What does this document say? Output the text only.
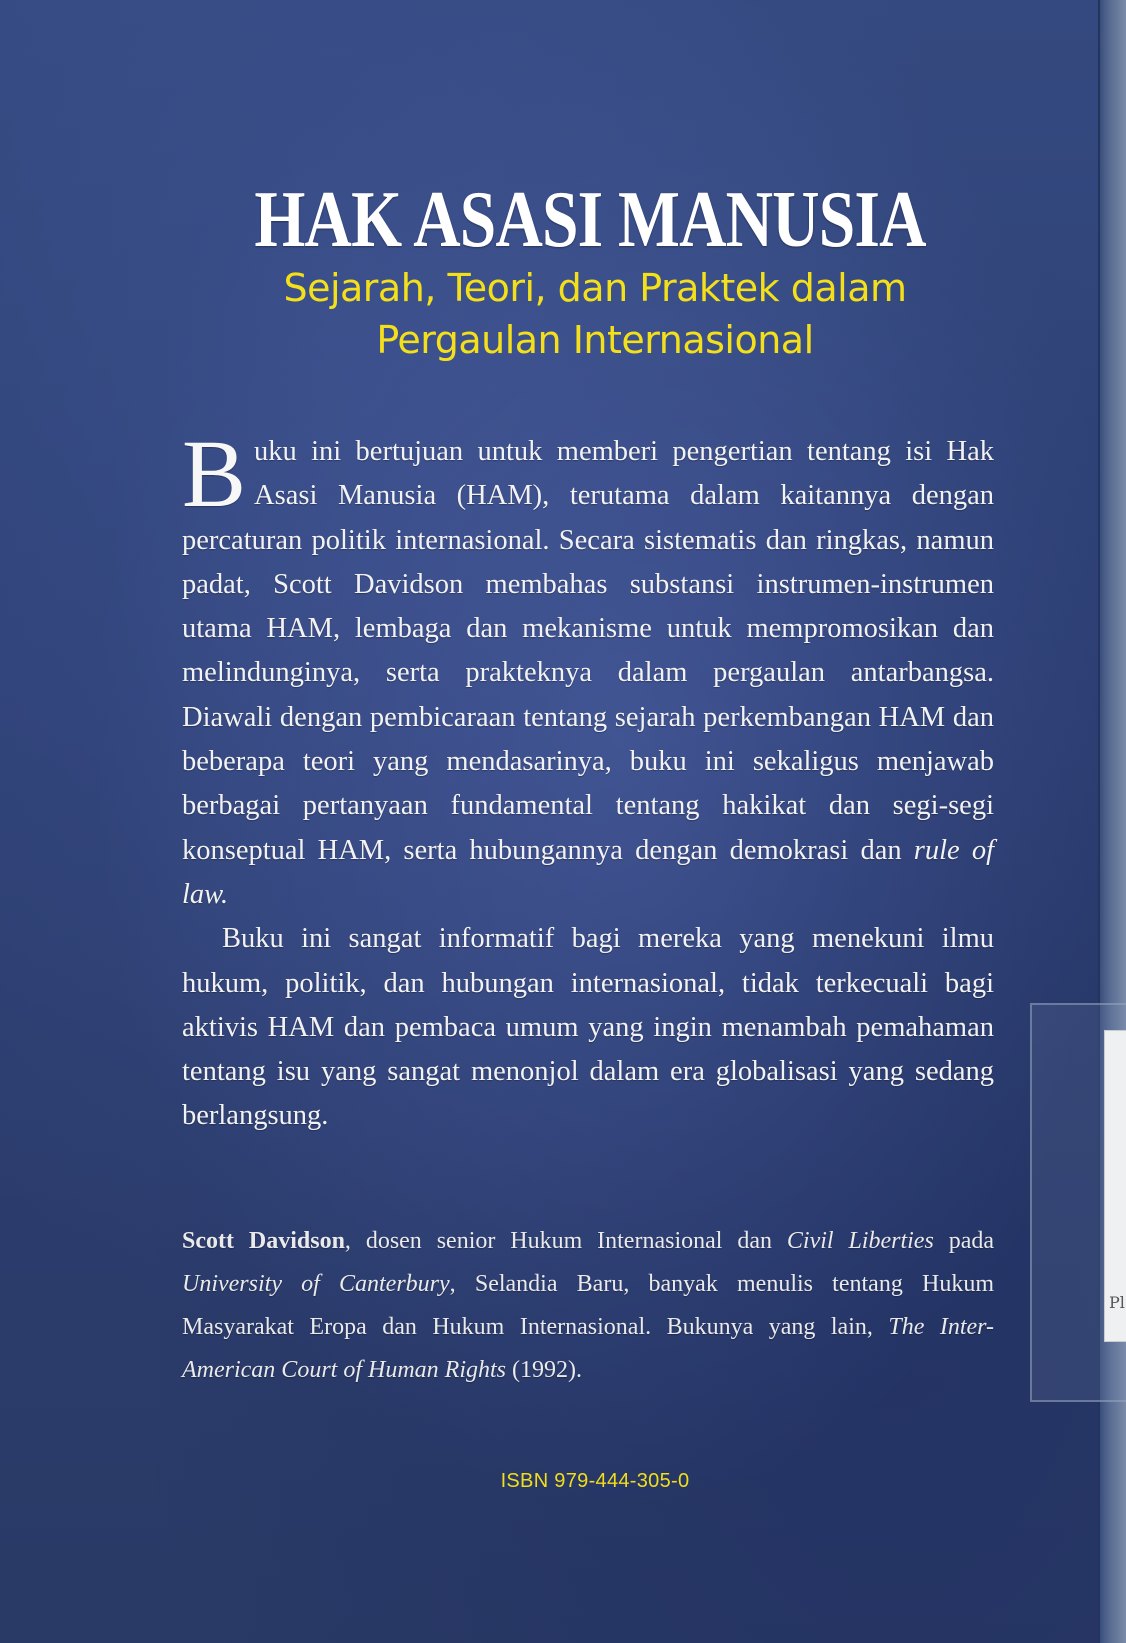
Pl
HAK ASASI MANUSIA
Sejarah, Teori, dan Praktek dalam
Pergaulan Internasional

Buku ini bertujuan untuk memberi pengertian tentang isi Hak Asasi Manusia (HAM), terutama dalam kaitannya dengan percaturan politik internasional. Secara sistematis dan ringkas, namun padat, Scott Davidson membahas substansi instrumen-instrumen utama HAM, lembaga dan mekanisme untuk mempromosikan dan melindunginya, serta prakteknya dalam pergaulan antarbangsa. Diawali dengan pembicaraan tentang sejarah perkembangan HAM dan beberapa teori yang mendasarinya, buku ini sekaligus menjawab berbagai pertanyaan fundamental tentang hakikat dan segi-segi konseptual HAM, serta hubungannya dengan demokrasi dan rule of law.

Buku ini sangat informatif bagi mereka yang menekuni ilmu hukum, politik, dan hubungan internasional, tidak terkecuali bagi aktivis HAM dan pembaca umum yang ingin menambah pemahaman tentang isu yang sangat menonjol dalam era globalisasi yang sedang berlangsung.

Scott Davidson, dosen senior Hukum Internasional dan Civil Liberties pada University of Canterbury, Selandia Baru, banyak menulis tentang Hukum Masyarakat Eropa dan Hukum Internasional. Bukunya yang lain, The Inter-American Court of Human Rights (1992).
ISBN 979-444-305-0
